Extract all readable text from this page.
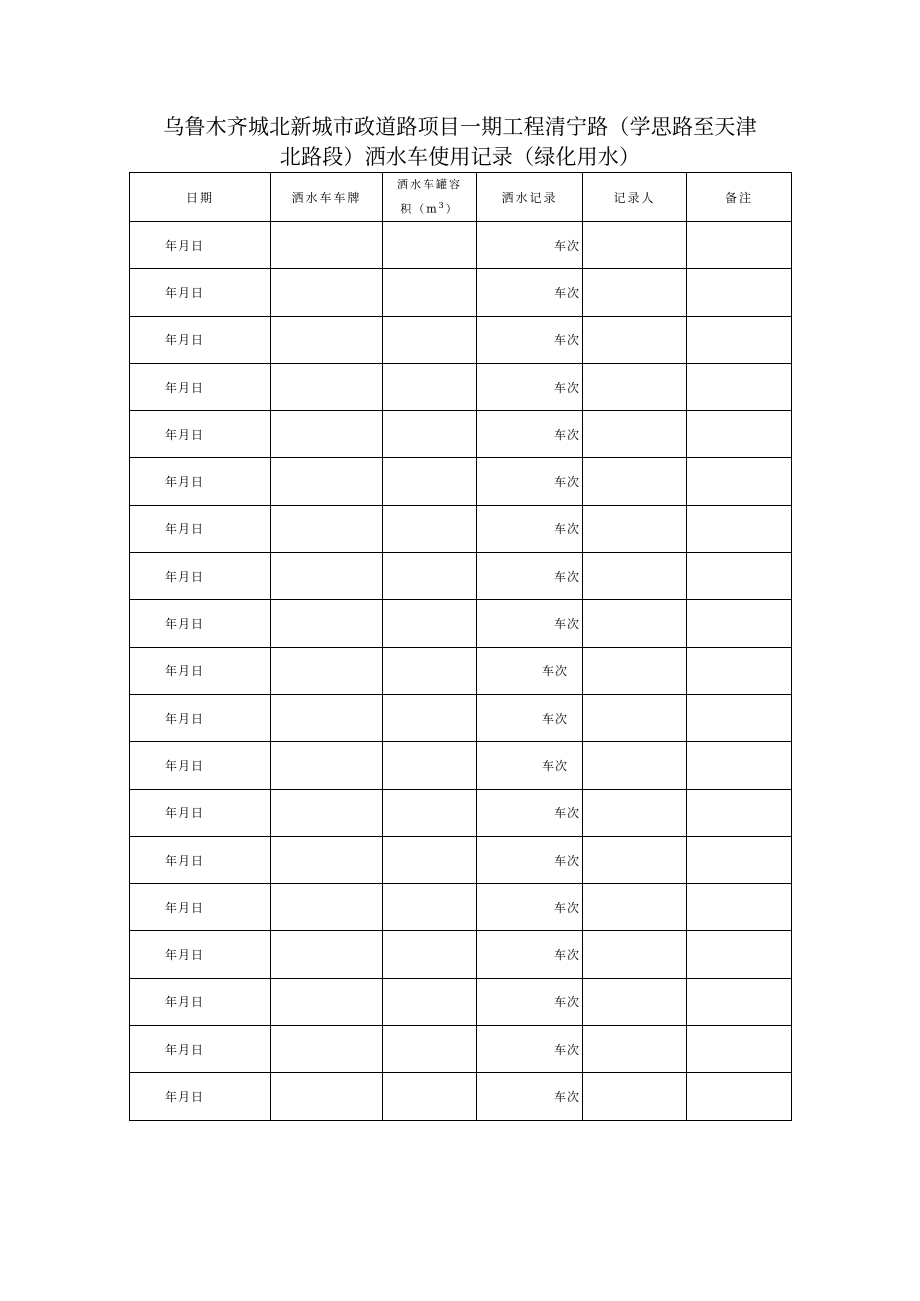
乌鲁木齐城北新城市政道路项目一期工程清宁路（学思路至天津
北路段）洒水车使用记录（绿化用水）
日期	洒水车车牌	洒水车罐容
积$(m^3)$	洒水记录	记录人	备注
年月日			车次		
年月日			车次		
年月日			车次		
年月日			车次		
年月日			车次		
年月日			车次		
年月日			车次		
年月日			车次		
年月日			车次		
年月日			车次		
年月日			车次		
年月日			车次		
年月日			车次		
年月日			车次		
年月日			车次		
年月日			车次		
年月日			车次		
年月日			车次		
年月日			车次		
